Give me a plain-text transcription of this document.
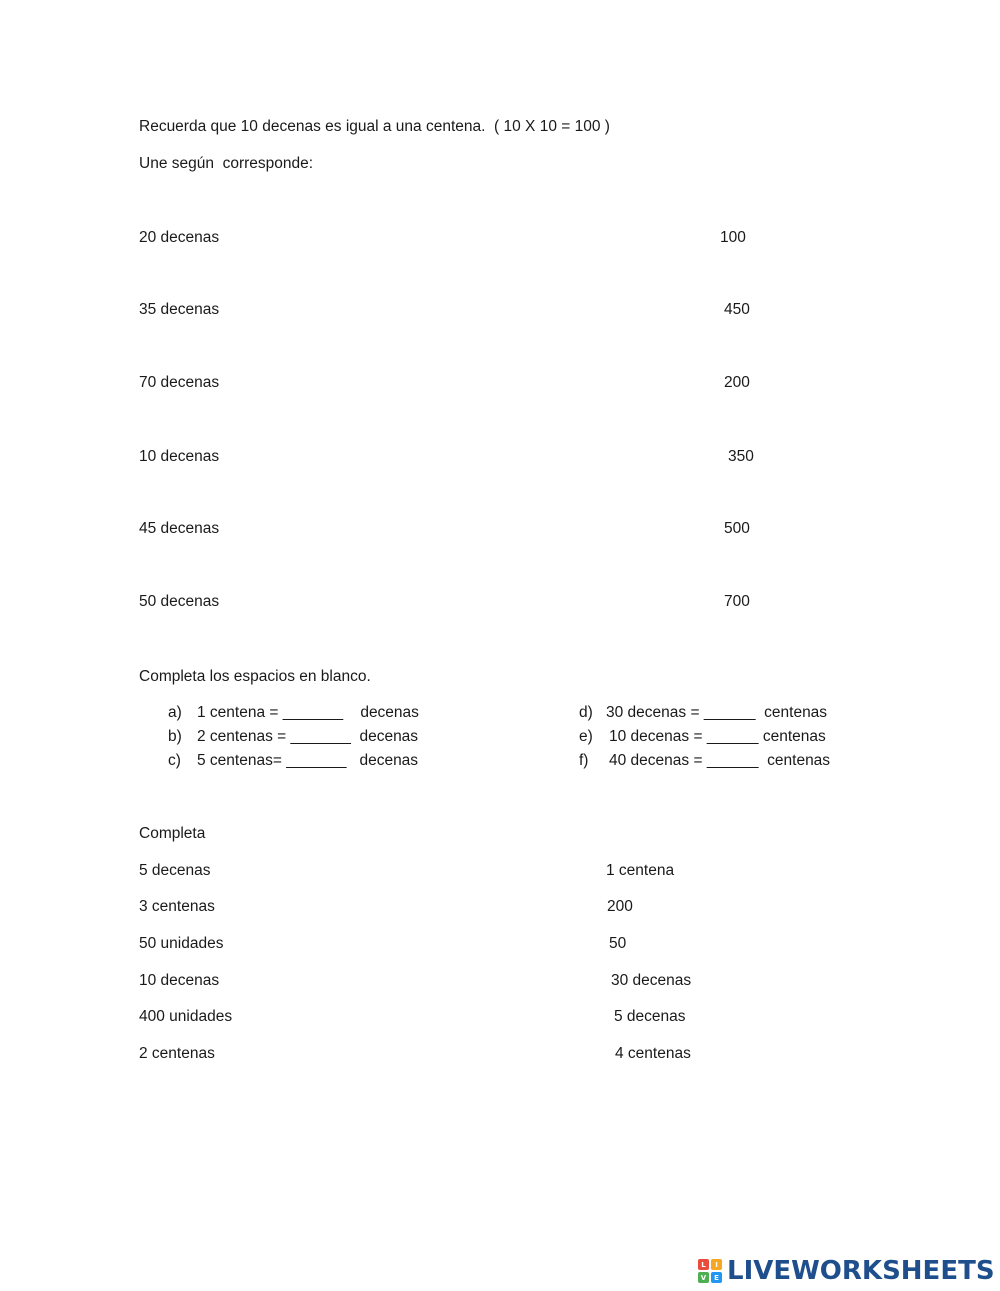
Recuerda que 10 decenas es igual a una centena.  ( 10 X 10 = 100 )
Une según  corresponde:
20 decenas
35 decenas
70 decenas
10 decenas
45 decenas
50 decenas
100
450
200
350
500
700
Completa los espacios en blanco.
a) 1 centena = _______    decenas
b) 2 centenas = _______  decenas
c) 5 centenas= _______   decenas
d) 30 decenas = ______  centenas
e) 10 decenas = ______ centenas
f) 40 decenas = ______  centenas
Completa
5 decenas
3 centenas
50 unidades
10 decenas
400 unidades
2 centenas
1 centena
200
50
30 decenas
5 decenas
4 centenas
L	I
V	E LIVEWORKSHEETS
